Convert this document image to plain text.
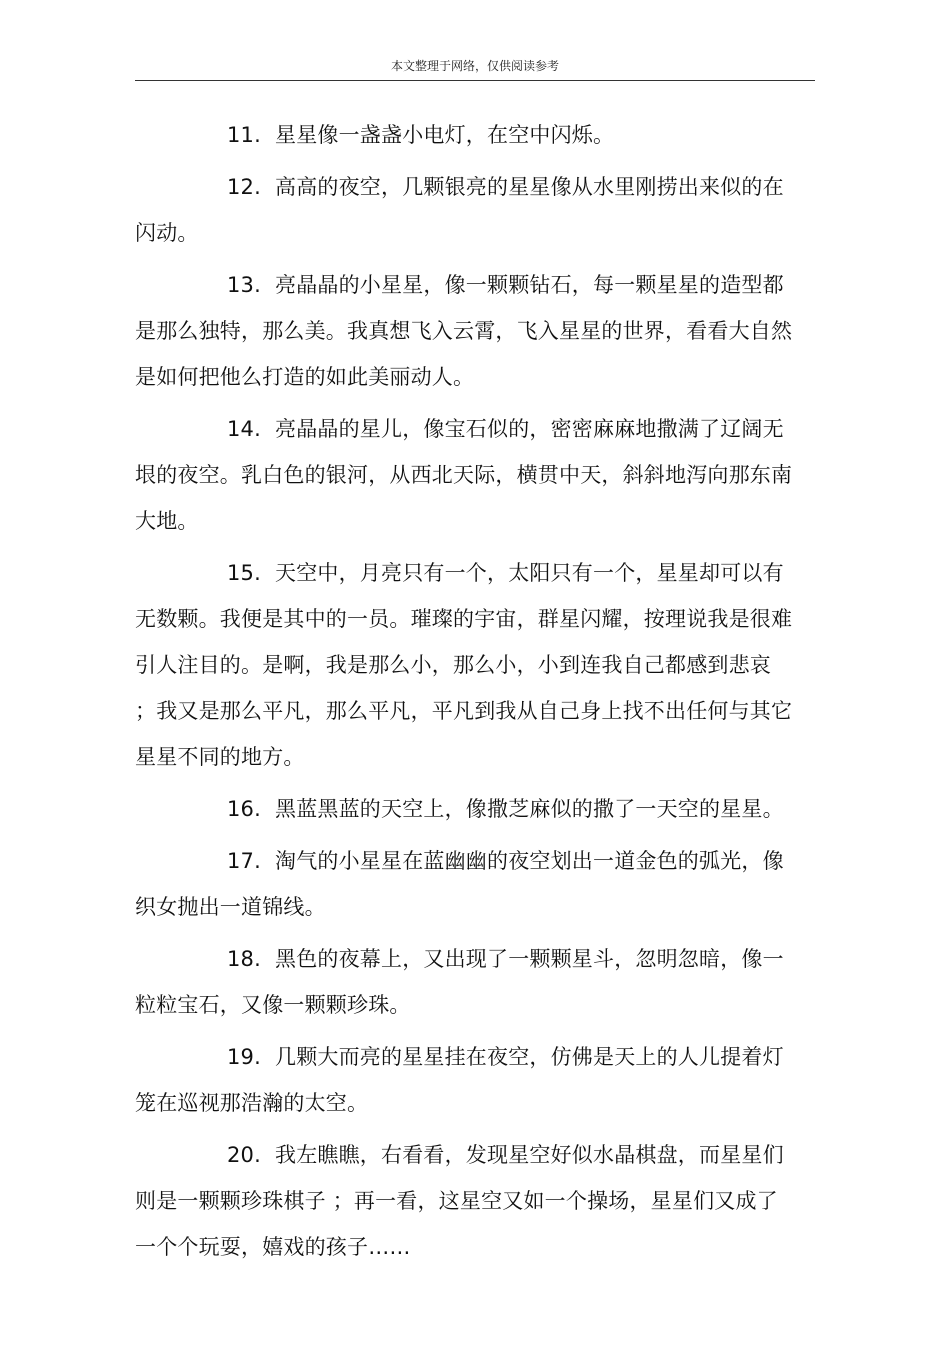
本文整理于网络，仅供阅读参考

11. 星星像一盏盏小电灯，在空中闪烁。

12. 高高的夜空，几颗银亮的星星像从水里刚捞出来似的在闪动。

13. 亮晶晶的小星星，像一颗颗钻石，每一颗星星的造型都是那么独特，那么美。我真想飞入云霄，飞入星星的世界，看看大自然是如何把他么打造的如此美丽动人。

14. 亮晶晶的星儿，像宝石似的，密密麻麻地撒满了辽阔无垠的夜空。乳白色的银河，从西北天际，横贯中天，斜斜地泻向那东南大地。

15. 天空中，月亮只有一个，太阳只有一个，星星却可以有无数颗。我便是其中的一员。璀璨的宇宙，群星闪耀，按理说我是很难引人注目的。是啊，我是那么小，那么小，小到连我自己都感到悲哀 ；我又是那么平凡，那么平凡，平凡到我从自己身上找不出任何与其它星星不同的地方。

16. 黑蓝黑蓝的天空上，像撒芝麻似的撒了一天空的星星。

17. 淘气的小星星在蓝幽幽的夜空划出一道金色的弧光，像织女抛出一道锦线。

18. 黑色的夜幕上，又出现了一颗颗星斗，忽明忽暗，像一粒粒宝石，又像一颗颗珍珠。

19. 几颗大而亮的星星挂在夜空，仿佛是天上的人儿提着灯笼在巡视那浩瀚的太空。

20. 我左瞧瞧，右看看，发现星空好似水晶棋盘，而星星们则是一颗颗珍珠棋子 ；再一看，这星空又如一个操场，星星们又成了一个个玩耍，嬉戏的孩子……
